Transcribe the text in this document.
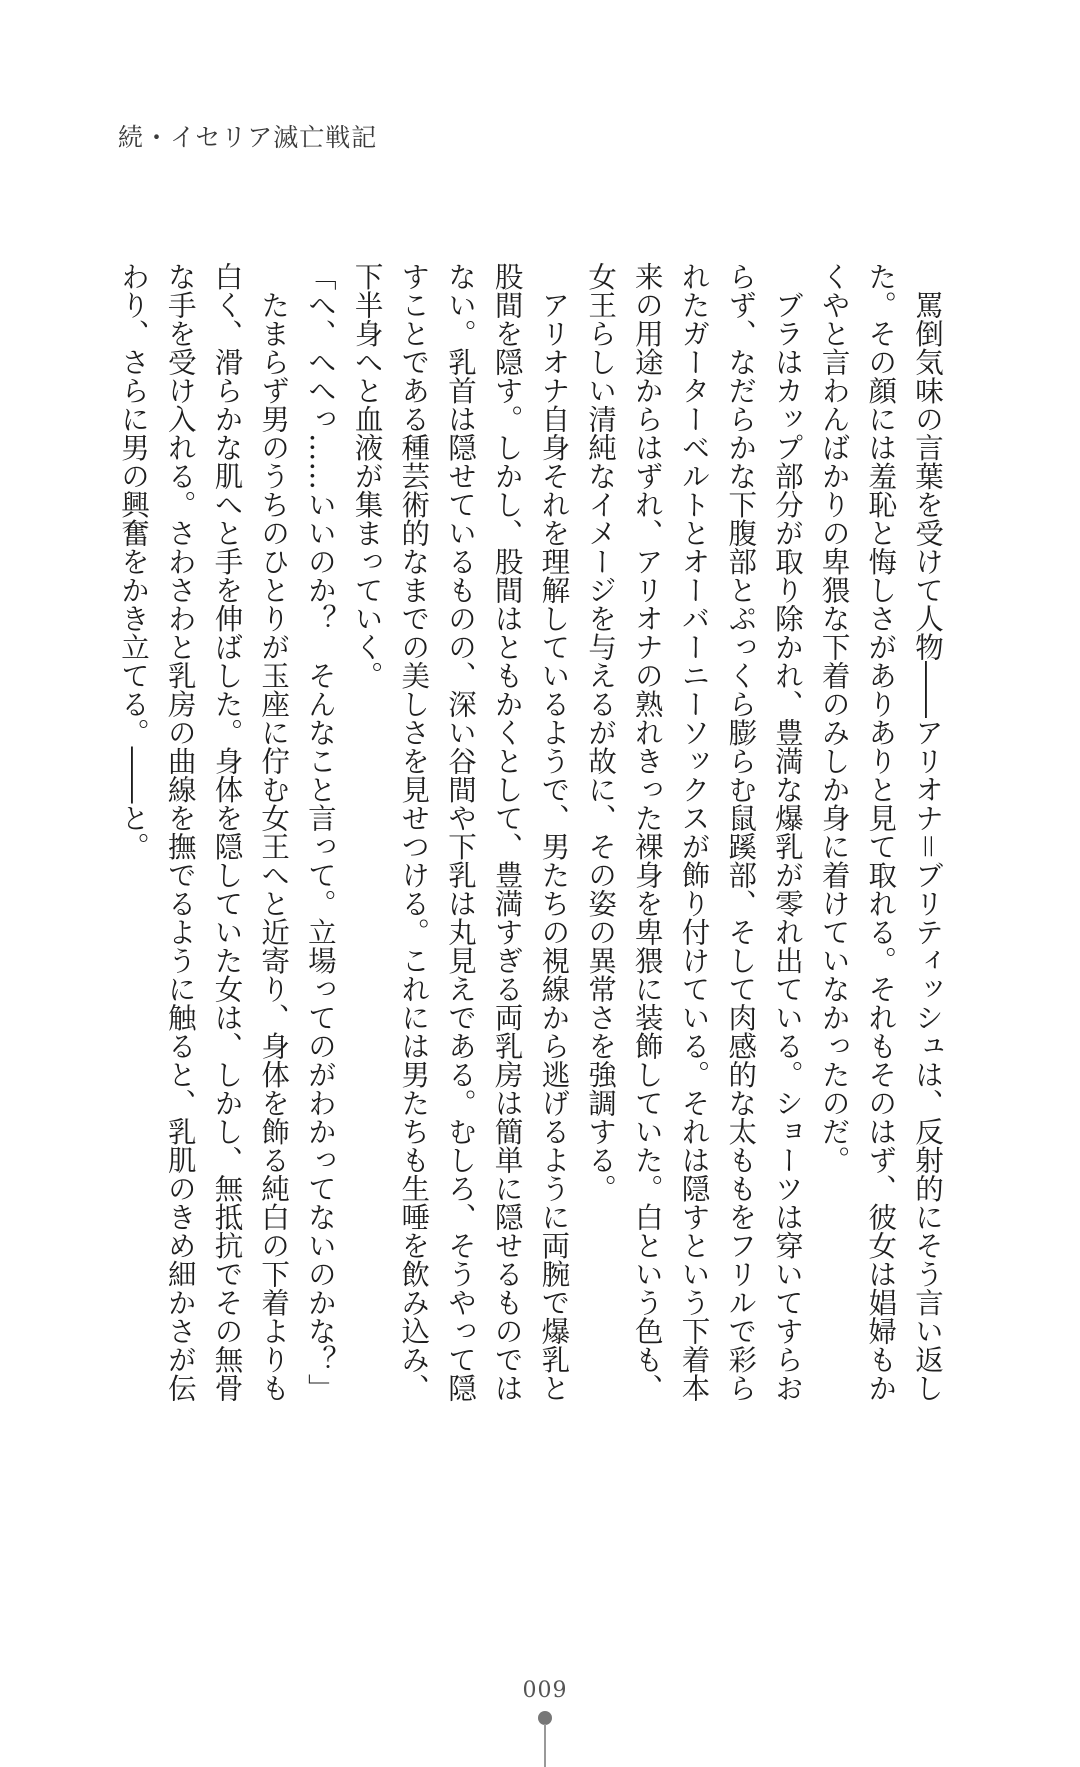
続・イセリア滅亡戦記
　罵倒気味の言葉を受けて人物――アリオナ＝ブリティッシュは、反射的にそう言い返し
た。その顔には羞恥と悔しさがありありと見て取れる。それもそのはず、彼女は娼婦もか
くやと言わんばかりの卑猥な下着のみしか身に着けていなかったのだ。
　ブラはカップ部分が取り除かれ、豊満な爆乳が零れ出ている。ショーツは穿いてすらお
らず、なだらかな下腹部とぷっくら膨らむ鼠蹊部、そして肉感的な太ももをフリルで彩ら
れたガーターベルトとオーバーニーソックスが飾り付けている。それは隠すという下着本
来の用途からはずれ、アリオナの熟れきった裸身を卑猥に装飾していた。白という色も、
女王らしい清純なイメージを与えるが故に、その姿の異常さを強調する。
　アリオナ自身それを理解しているようで、男たちの視線から逃げるように両腕で爆乳と
股間を隠す。しかし、股間はともかくとして、豊満すぎる両乳房は簡単に隠せるものでは
ない。乳首は隠せているものの、深い谷間や下乳は丸見えである。むしろ、そうやって隠
すことである種芸術的なまでの美しさを見せつける。これには男たちも生唾を飲み込み、
下半身へと血液が集まっていく。
「へ、へへっ……いいのか？　そんなこと言って。立場ってのがわかってないのかな？」
　たまらず男のうちのひとりが玉座に佇む女王へと近寄り、身体を飾る純白の下着よりも
白く、滑らかな肌へと手を伸ばした。身体を隠していた女は、しかし、無抵抗でその無骨
な手を受け入れる。さわさわと乳房の曲線を撫でるように触ると、乳肌のきめ細かさが伝
わり、さらに男の興奮をかき立てる。――と。
009
